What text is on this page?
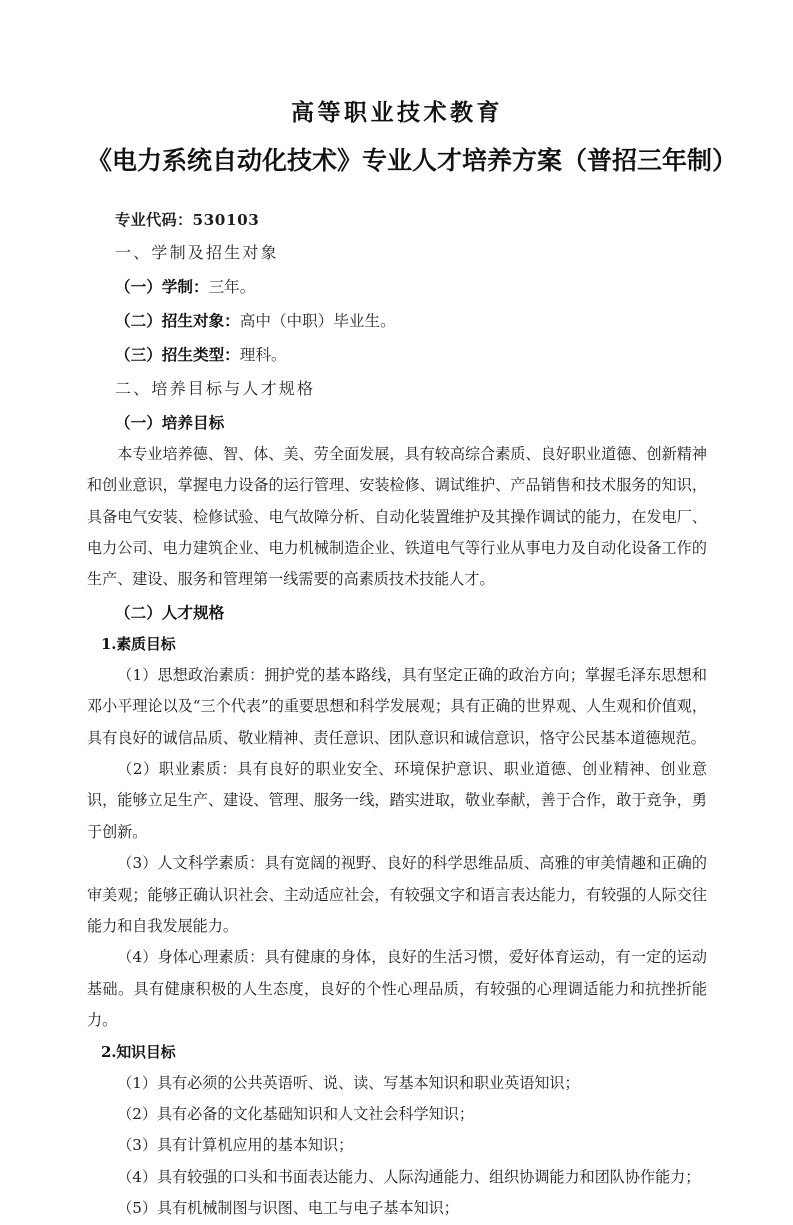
高等职业技术教育
《电力系统自动化技术》专业人才培养方案（普招三年制）

专业代码：530103

一、学制及招生对象

（一）学制：三年。

（二）招生对象：高中（中职）毕业生。

（三）招生类型：理科。

二、培养目标与人才规格

（一）培养目标

本专业培养德、智、体、美、劳全面发展，具有较高综合素质、良好职业道德、创新精神和创业意识，掌握电力设备的运行管理、安装检修、调试维护、产品销售和技术服务的知识，具备电气安装、检修试验、电气故障分析、自动化装置维护及其操作调试的能力，在发电厂、电力公司、电力建筑企业、电力机械制造企业、铁道电气等行业从事电力及自动化设备工作的生产、建设、服务和管理第一线需要的高素质技术技能人才。

（二）人才规格

1.素质目标

（1）思想政治素质：拥护党的基本路线，具有坚定正确的政治方向；掌握毛泽东思想和邓小平理论以及“三个代表”的重要思想和科学发展观；具有正确的世界观、人生观和价值观，具有良好的诚信品质、敬业精神、责任意识、团队意识和诚信意识，恪守公民基本道德规范。

（2）职业素质：具有良好的职业安全、环境保护意识、职业道德、创业精神、创业意识，能够立足生产、建设、管理、服务一线，踏实进取，敬业奉献，善于合作，敢于竞争，勇于创新。

（3）人文科学素质：具有宽阔的视野、良好的科学思维品质、高雅的审美情趣和正确的审美观；能够正确认识社会、主动适应社会，有较强文字和语言表达能力，有较强的人际交往能力和自我发展能力。

（4）身体心理素质：具有健康的身体，良好的生活习惯，爱好体育运动，有一定的运动基础。具有健康积极的人生态度，良好的个性心理品质，有较强的心理调适能力和抗挫折能力。

2.知识目标

（1）具有必须的公共英语听、说、读、写基本知识和职业英语知识；

（2）具有必备的文化基础知识和人文社会科学知识；

（3）具有计算机应用的基本知识；

（4）具有较强的口头和书面表达能力、人际沟通能力、组织协调能力和团队协作能力；

（5）具有机械制图与识图、电工与电子基本知识；
